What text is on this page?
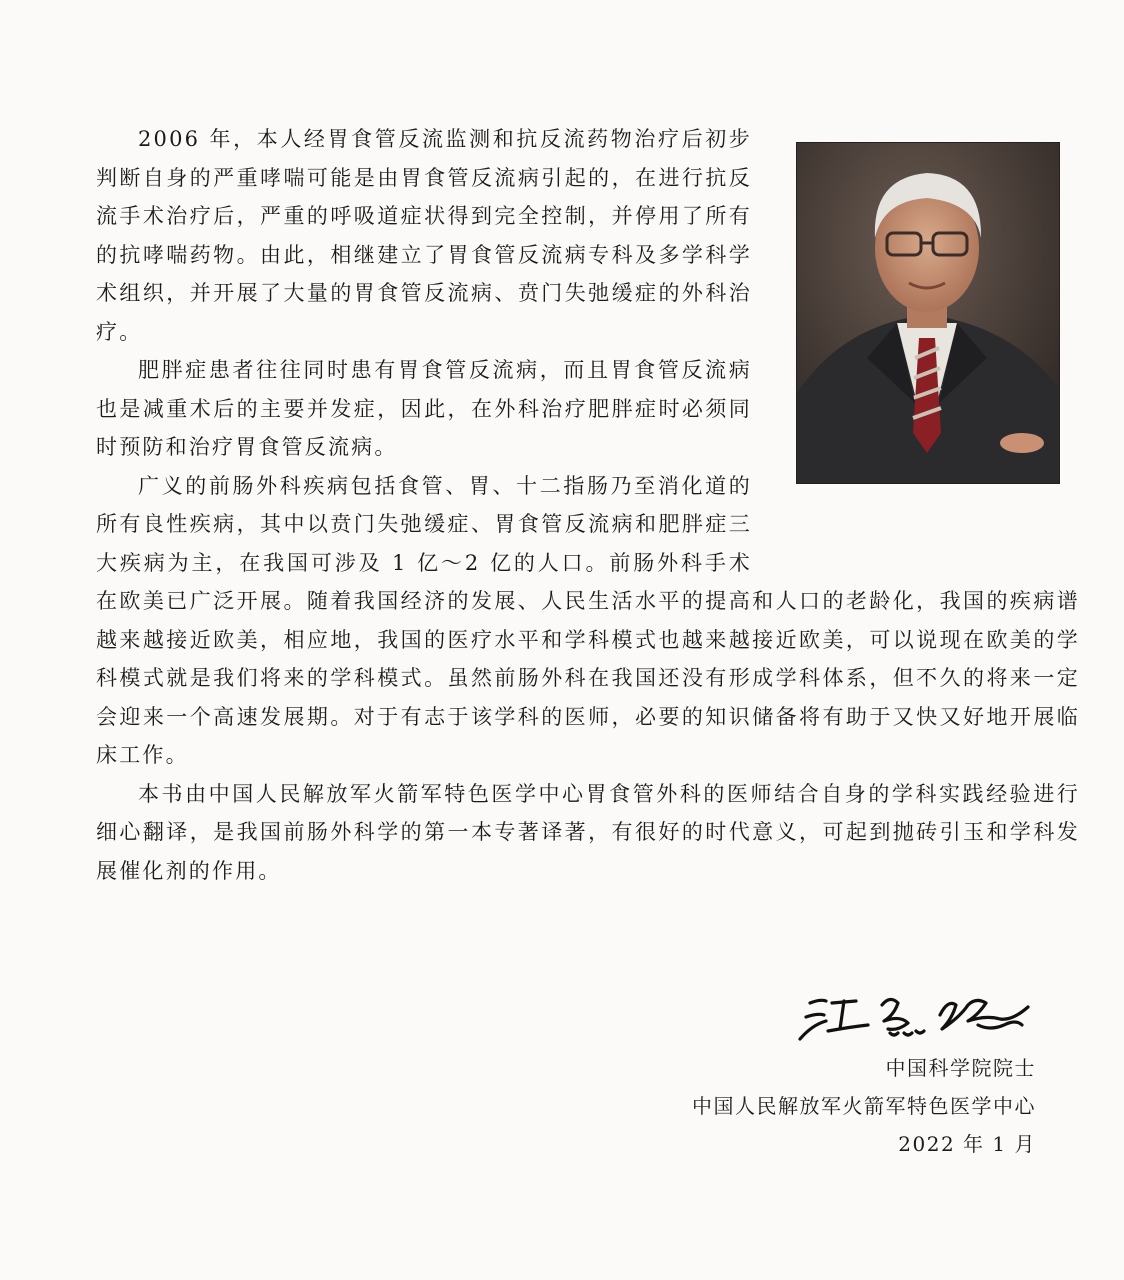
2006 年，本人经胃食管反流监测和抗反流药物治疗后初步判断自身的严重哮喘可能是由胃食管反流病引起的，在进行抗反流手术治疗后，严重的呼吸道症状得到完全控制，并停用了所有的抗哮喘药物。由此，相继建立了胃食管反流病专科及多学科学术组织，并开展了大量的胃食管反流病、贲门失弛缓症的外科治疗。

肥胖症患者往往同时患有胃食管反流病，而且胃食管反流病也是减重术后的主要并发症，因此，在外科治疗肥胖症时必须同时预防和治疗胃食管反流病。

广义的前肠外科疾病包括食管、胃、十二指肠乃至消化道的所有良性疾病，其中以贲门失弛缓症、胃食管反流病和肥胖症三大疾病为主，在我国可涉及 1 亿～2 亿的人口。前肠外科手术在欧美已广泛开展。随着我国经济的发展、人民生活水平的提高和人口的老龄化，我国的疾病谱越来越接近欧美，相应地，我国的医疗水平和学科模式也越来越接近欧美，可以说现在欧美的学科模式就是我们将来的学科模式。虽然前肠外科在我国还没有形成学科体系，但不久的将来一定会迎来一个高速发展期。对于有志于该学科的医师，必要的知识储备将有助于又快又好地开展临床工作。

本书由中国人民解放军火箭军特色医学中心胃食管外科的医师结合自身的学科实践经验进行细心翻译，是我国前肠外科学的第一本专著译著，有很好的时代意义，可起到抛砖引玉和学科发展催化剂的作用。

中国科学院院士
中国人民解放军火箭军特色医学中心
2022 年 1 月
